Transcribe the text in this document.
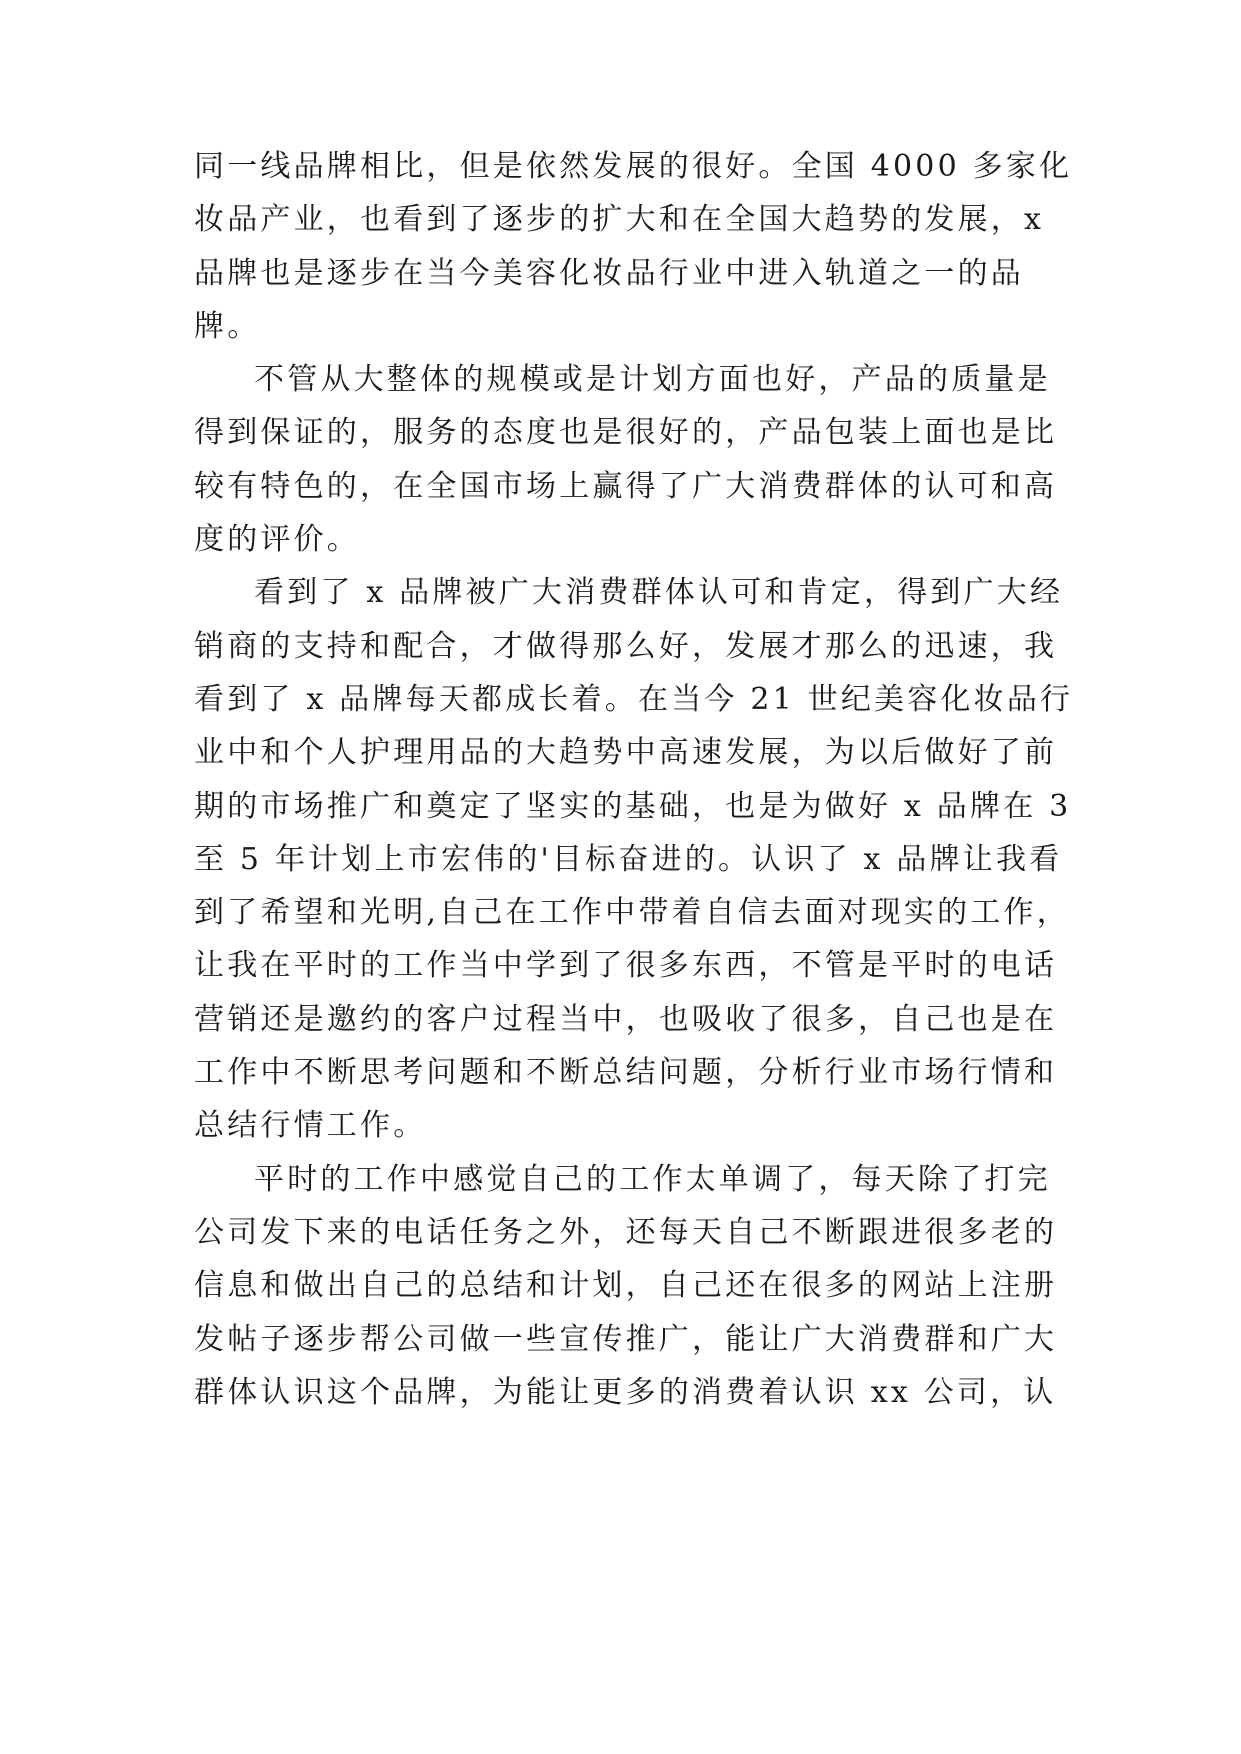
同一线品牌相比，但是依然发展的很好。全国 4000 多家化

妆品产业，也看到了逐步的扩大和在全国大趋势的发展，x

品牌也是逐步在当今美容化妆品行业中进入轨道之一的品

牌。

不管从大整体的规模或是计划方面也好，产品的质量是

得到保证的，服务的态度也是很好的，产品包装上面也是比

较有特色的，在全国市场上赢得了广大消费群体的认可和高

度的评价。

看到了 x 品牌被广大消费群体认可和肯定，得到广大经

销商的支持和配合，才做得那么好，发展才那么的迅速，我

看到了 x 品牌每天都成长着。在当今 21 世纪美容化妆品行

业中和个人护理用品的大趋势中高速发展，为以后做好了前

期的市场推广和奠定了坚实的基础，也是为做好 x 品牌在 3

至 5 年计划上市宏伟的'目标奋进的。认识了 x 品牌让我看

到了希望和光明,自己在工作中带着自信去面对现实的工作，

让我在平时的工作当中学到了很多东西，不管是平时的电话

营销还是邀约的客户过程当中，也吸收了很多，自己也是在

工作中不断思考问题和不断总结问题，分析行业市场行情和

总结行情工作。

平时的工作中感觉自己的工作太单调了，每天除了打完

公司发下来的电话任务之外，还每天自己不断跟进很多老的

信息和做出自己的总结和计划，自己还在很多的网站上注册

发帖子逐步帮公司做一些宣传推广，能让广大消费群和广大

群体认识这个品牌，为能让更多的消费着认识 xx 公司，认
